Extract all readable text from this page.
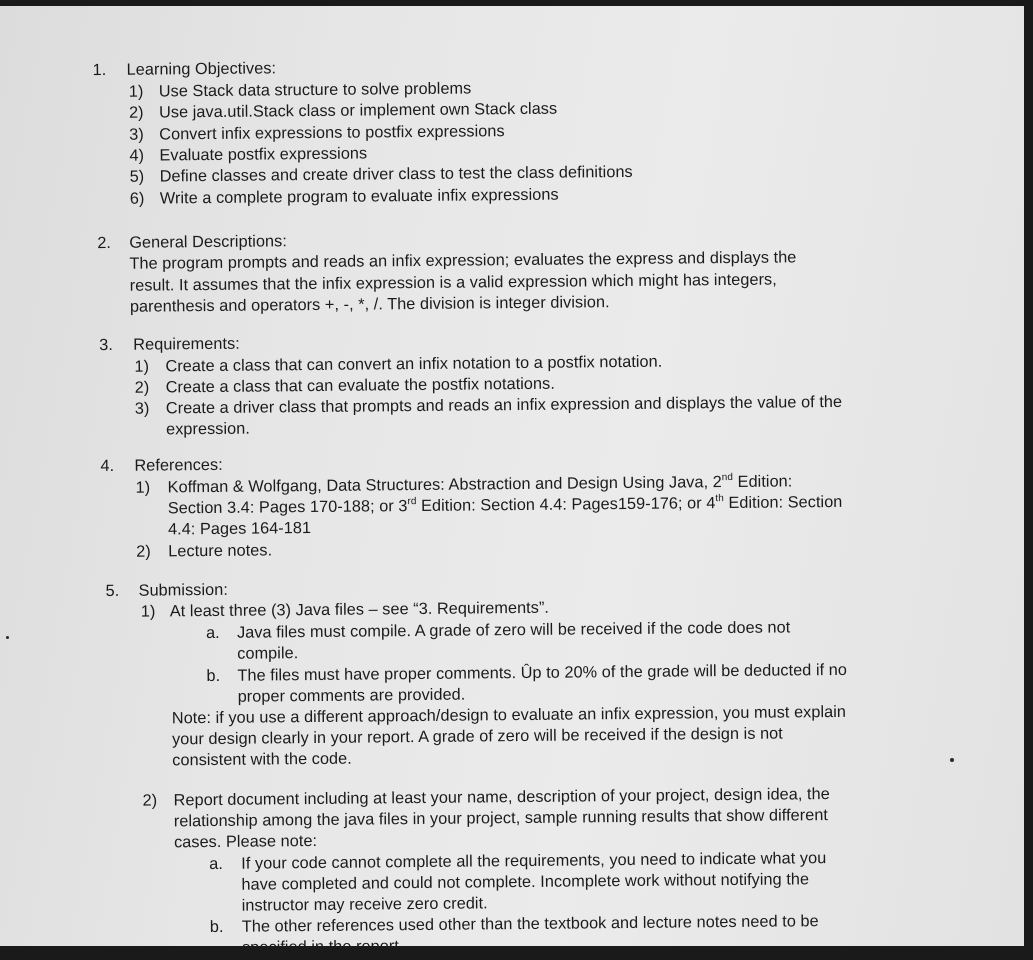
1. Learning Objectives:
1) Use Stack data structure to solve problems
2) Use java.util.Stack class or implement own Stack class
3) Convert infix expressions to postfix expressions
4) Evaluate postfix expressions
5) Define classes and create driver class to test the class definitions
6) Write a complete program to evaluate infix expressions
2. General Descriptions:
The program prompts and reads an infix expression; evaluates the express and displays the
result. It assumes that the infix expression is a valid expression which might has integers,
parenthesis and operators +, -, *, /. The division is integer division.
3. Requirements:
1) Create a class that can convert an infix notation to a postfix notation.
2) Create a class that can evaluate the postfix notations.
3) Create a driver class that prompts and reads an infix expression and displays the value of the
expression.
4. References:
1) Koffman & Wolfgang, Data Structures: Abstraction and Design Using Java, 2nd Edition:
Section 3.4: Pages 170-188; or 3rd Edition: Section 4.4: Pages159-176; or 4th Edition: Section
4.4: Pages 164-181
2) Lecture notes.
5. Submission:
1) At least three (3) Java files – see “3. Requirements”.
a. Java files must compile. A grade of zero will be received if the code does not
compile.
b. The files must have proper comments. Ûp to 20% of the grade will be deducted if no
proper comments are provided.
Note: if you use a different approach/design to evaluate an infix expression, you must explain
your design clearly in your report. A grade of zero will be received if the design is not
consistent with the code.
2) Report document including at least your name, description of your project, design idea, the
relationship among the java files in your project, sample running results that show different
cases. Please note:
a. If your code cannot complete all the requirements, you need to indicate what you
have completed and could not complete. Incomplete work without notifying the
instructor may receive zero credit.
b. The other references used other than the textbook and lecture notes need to be
specified in the report.
